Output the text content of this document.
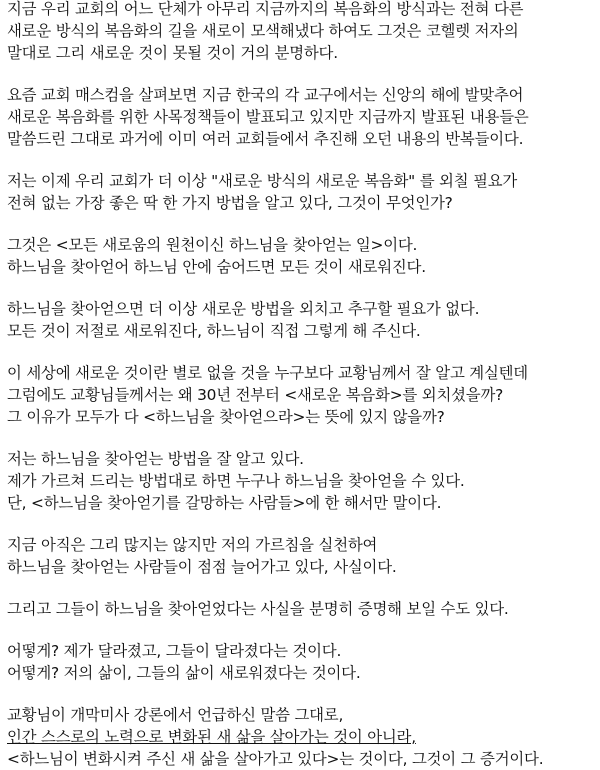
지금 우리 교회의 어느 단체가 아무리 지금까지의 복음화의 방식과는 전혀 다른
새로운 방식의 복음화의 길을 새로이 모색해냈다 하여도 그것은 코헬렛 저자의
말대로 그리 새로운 것이 못될 것이 거의 분명하다.
요즘 교회 매스컴을 살펴보면 지금 한국의 각 교구에서는 신앙의 해에 발맞추어
새로운 복음화를 위한 사목정책들이 발표되고 있지만 지금까지 발표된 내용들은
말씀드린 그대로 과거에 이미 여러 교회들에서 추진해 오던 내용의 반복들이다.
저는 이제 우리 교회가 더 이상 "새로운 방식의 새로운 복음화" 를 외칠 필요가
전혀 없는 가장 좋은 딱 한 가지 방법을 알고 있다, 그것이 무엇인가?
그것은 <모든 새로움의 원천이신 하느님을 찾아얻는 일>이다.
하느님을 찾아얻어 하느님 안에 숨어드면 모든 것이 새로워진다.
하느님을 찾아얻으면 더 이상 새로운 방법을 외치고 추구할 필요가 없다.
모든 것이 저절로 새로워진다, 하느님이 직접 그렇게 해 주신다.
이 세상에 새로운 것이란 별로 없을 것을 누구보다 교황님께서 잘 알고 계실텐데
그럼에도 교황님들께서는 왜 30년 전부터 <새로운 복음화>를 외치셨을까?
그 이유가 모두가 다 <하느님을 찾아얻으라>는 뜻에 있지 않을까?
저는 하느님을 찾아얻는 방법을 잘 알고 있다.
제가 가르쳐 드리는 방법대로 하면 누구나 하느님을 찾아얻을 수 있다.
단, <하느님을 찾아얻기를 갈망하는 사람들>에 한 해서만 말이다.
지금 아직은 그리 많지는 않지만 저의 가르침을 실천하여
하느님을 찾아얻는 사람들이 점점 늘어가고 있다, 사실이다.
그리고 그들이 하느님을 찾아얻었다는 사실을 분명히 증명해 보일 수도 있다.
어떻게? 제가 달라졌고, 그들이 달라졌다는 것이다.
어떻게? 저의 삶이, 그들의 삶이 새로워졌다는 것이다.
교황님이 개막미사 강론에서 언급하신 말씀 그대로,
인간 스스로의 노력으로 변화된 새 삶을 살아가는 것이 아니라,
<하느님이 변화시켜 주신 새 삶을 살아가고 있다>는 것이다, 그것이 그 증거이다.
